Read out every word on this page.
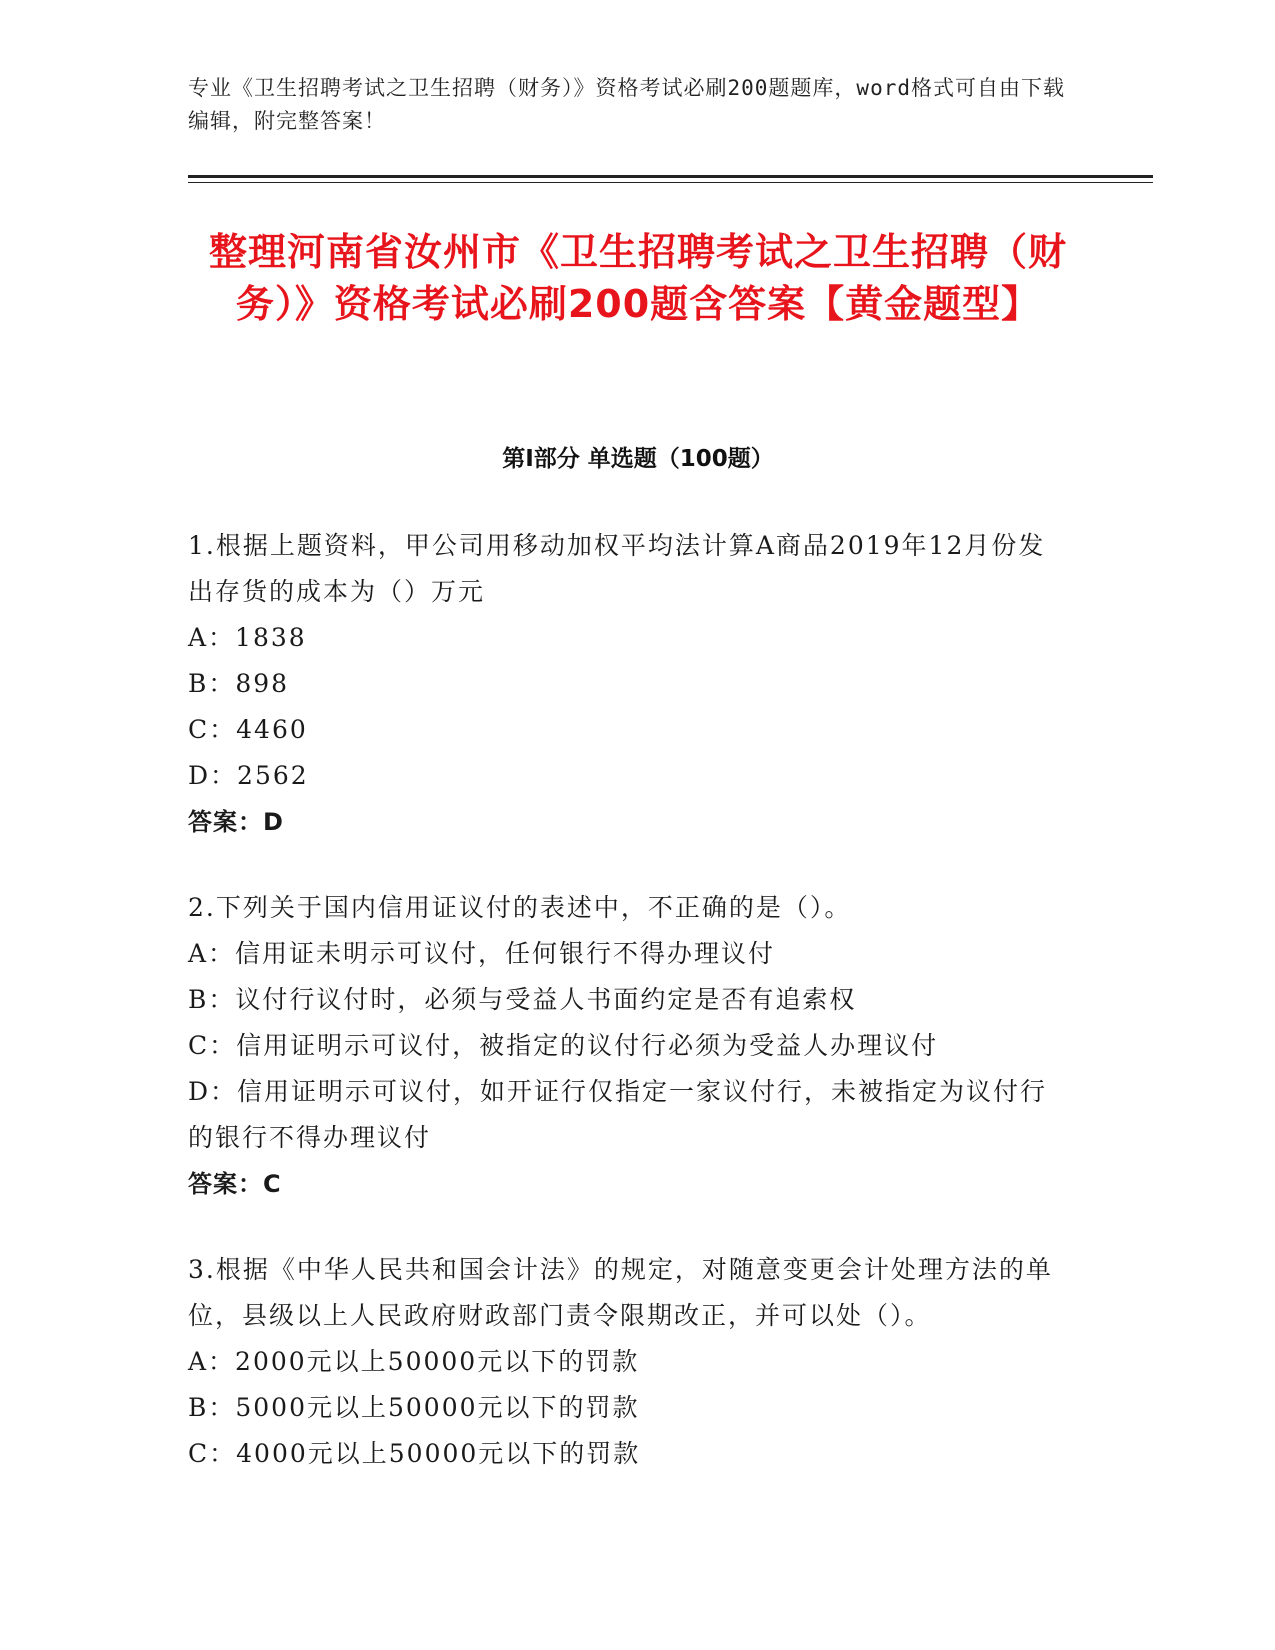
专业《卫生招聘考试之卫生招聘（财务）》资格考试必刷200题题库，word格式可自由下载编辑，附完整答案！
整理河南省汝州市《卫生招聘考试之卫生招聘（财务）》资格考试必刷200题含答案【黄金题型】
第Ⅰ部分 单选题（100题）

1.根据上题资料，甲公司用移动加权平均法计算A商品2019年12月份发出存货的成本为（）万元

A：1838

B：898

C：4460

D：2562

答案：D

2.下列关于国内信用证议付的表述中，不正确的是（）。

A：信用证未明示可议付，任何银行不得办理议付

B：议付行议付时，必须与受益人书面约定是否有追索权

C：信用证明示可议付，被指定的议付行必须为受益人办理议付

D：信用证明示可议付，如开证行仅指定一家议付行，未被指定为议付行的银行不得办理议付

答案：C

3.根据《中华人民共和国会计法》的规定，对随意变更会计处理方法的单位，县级以上人民政府财政部门责令限期改正，并可以处（）。

A：2000元以上50000元以下的罚款

B：5000元以上50000元以下的罚款

C：4000元以上50000元以下的罚款
